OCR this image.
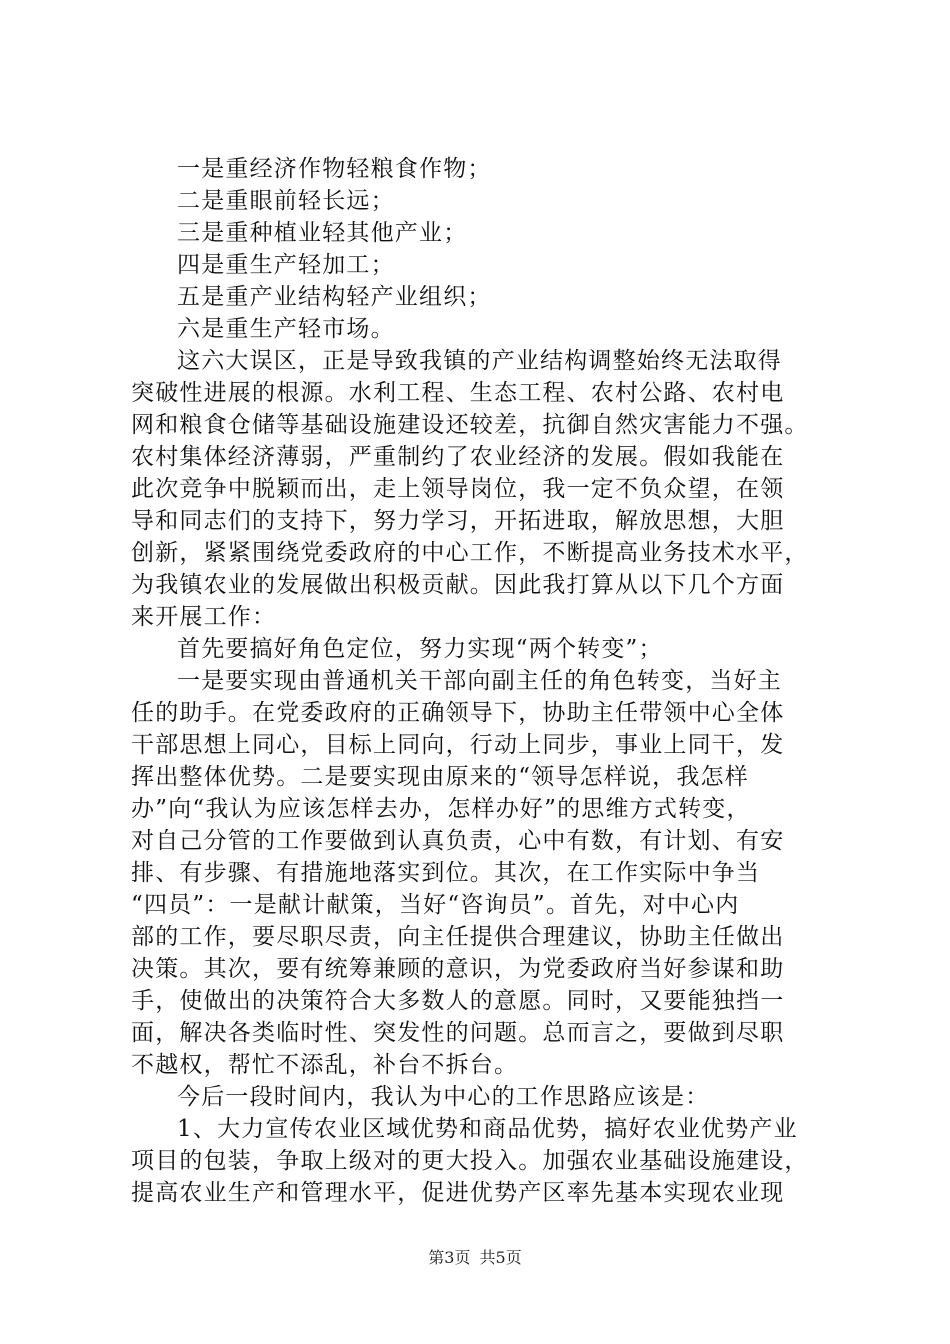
一是重经济作物轻粮食作物；
二是重眼前轻长远；
三是重种植业轻其他产业；
四是重生产轻加工；
五是重产业结构轻产业组织；
六是重生产轻市场。
这六大误区，正是导致我镇的产业结构调整始终无法取得
突破性进展的根源。水利工程、生态工程、农村公路、农村电
网和粮食仓储等基础设施建设还较差，抗御自然灾害能力不强。
农村集体经济薄弱，严重制约了农业经济的发展。假如我能在
此次竞争中脱颖而出，走上领导岗位，我一定不负众望，在领
导和同志们的支持下，努力学习，开拓进取，解放思想，大胆
创新，紧紧围绕党委政府的中心工作，不断提高业务技术水平，
为我镇农业的发展做出积极贡献。因此我打算从以下几个方面
来开展工作：
首先要搞好角色定位，努力实现“两个转变”；
一是要实现由普通机关干部向副主任的角色转变，当好主
任的助手。在党委政府的正确领导下，协助主任带领中心全体
干部思想上同心，目标上同向，行动上同步，事业上同干，发
挥出整体优势。二是要实现由原来的“领导怎样说，我怎样
办”向“我认为应该怎样去办，怎样办好”的思维方式转变，
对自己分管的工作要做到认真负责，心中有数，有计划、有安
排、有步骤、有措施地落实到位。其次，在工作实际中争当
“四员”：一是献计献策，当好“咨询员”。首先，对中心内
部的工作，要尽职尽责，向主任提供合理建议，协助主任做出
决策。其次，要有统筹兼顾的意识，为党委政府当好参谋和助
手，使做出的决策符合大多数人的意愿。同时，又要能独挡一
面，解决各类临时性、突发性的问题。总而言之，要做到尽职
不越权，帮忙不添乱，补台不拆台。
今后一段时间内，我认为中心的工作思路应该是：
1、大力宣传农业区域优势和商品优势，搞好农业优势产业
项目的包装，争取上级对的更大投入。加强农业基础设施建设，
提高农业生产和管理水平，促进优势产区率先基本实现农业现
第3页 共5页
